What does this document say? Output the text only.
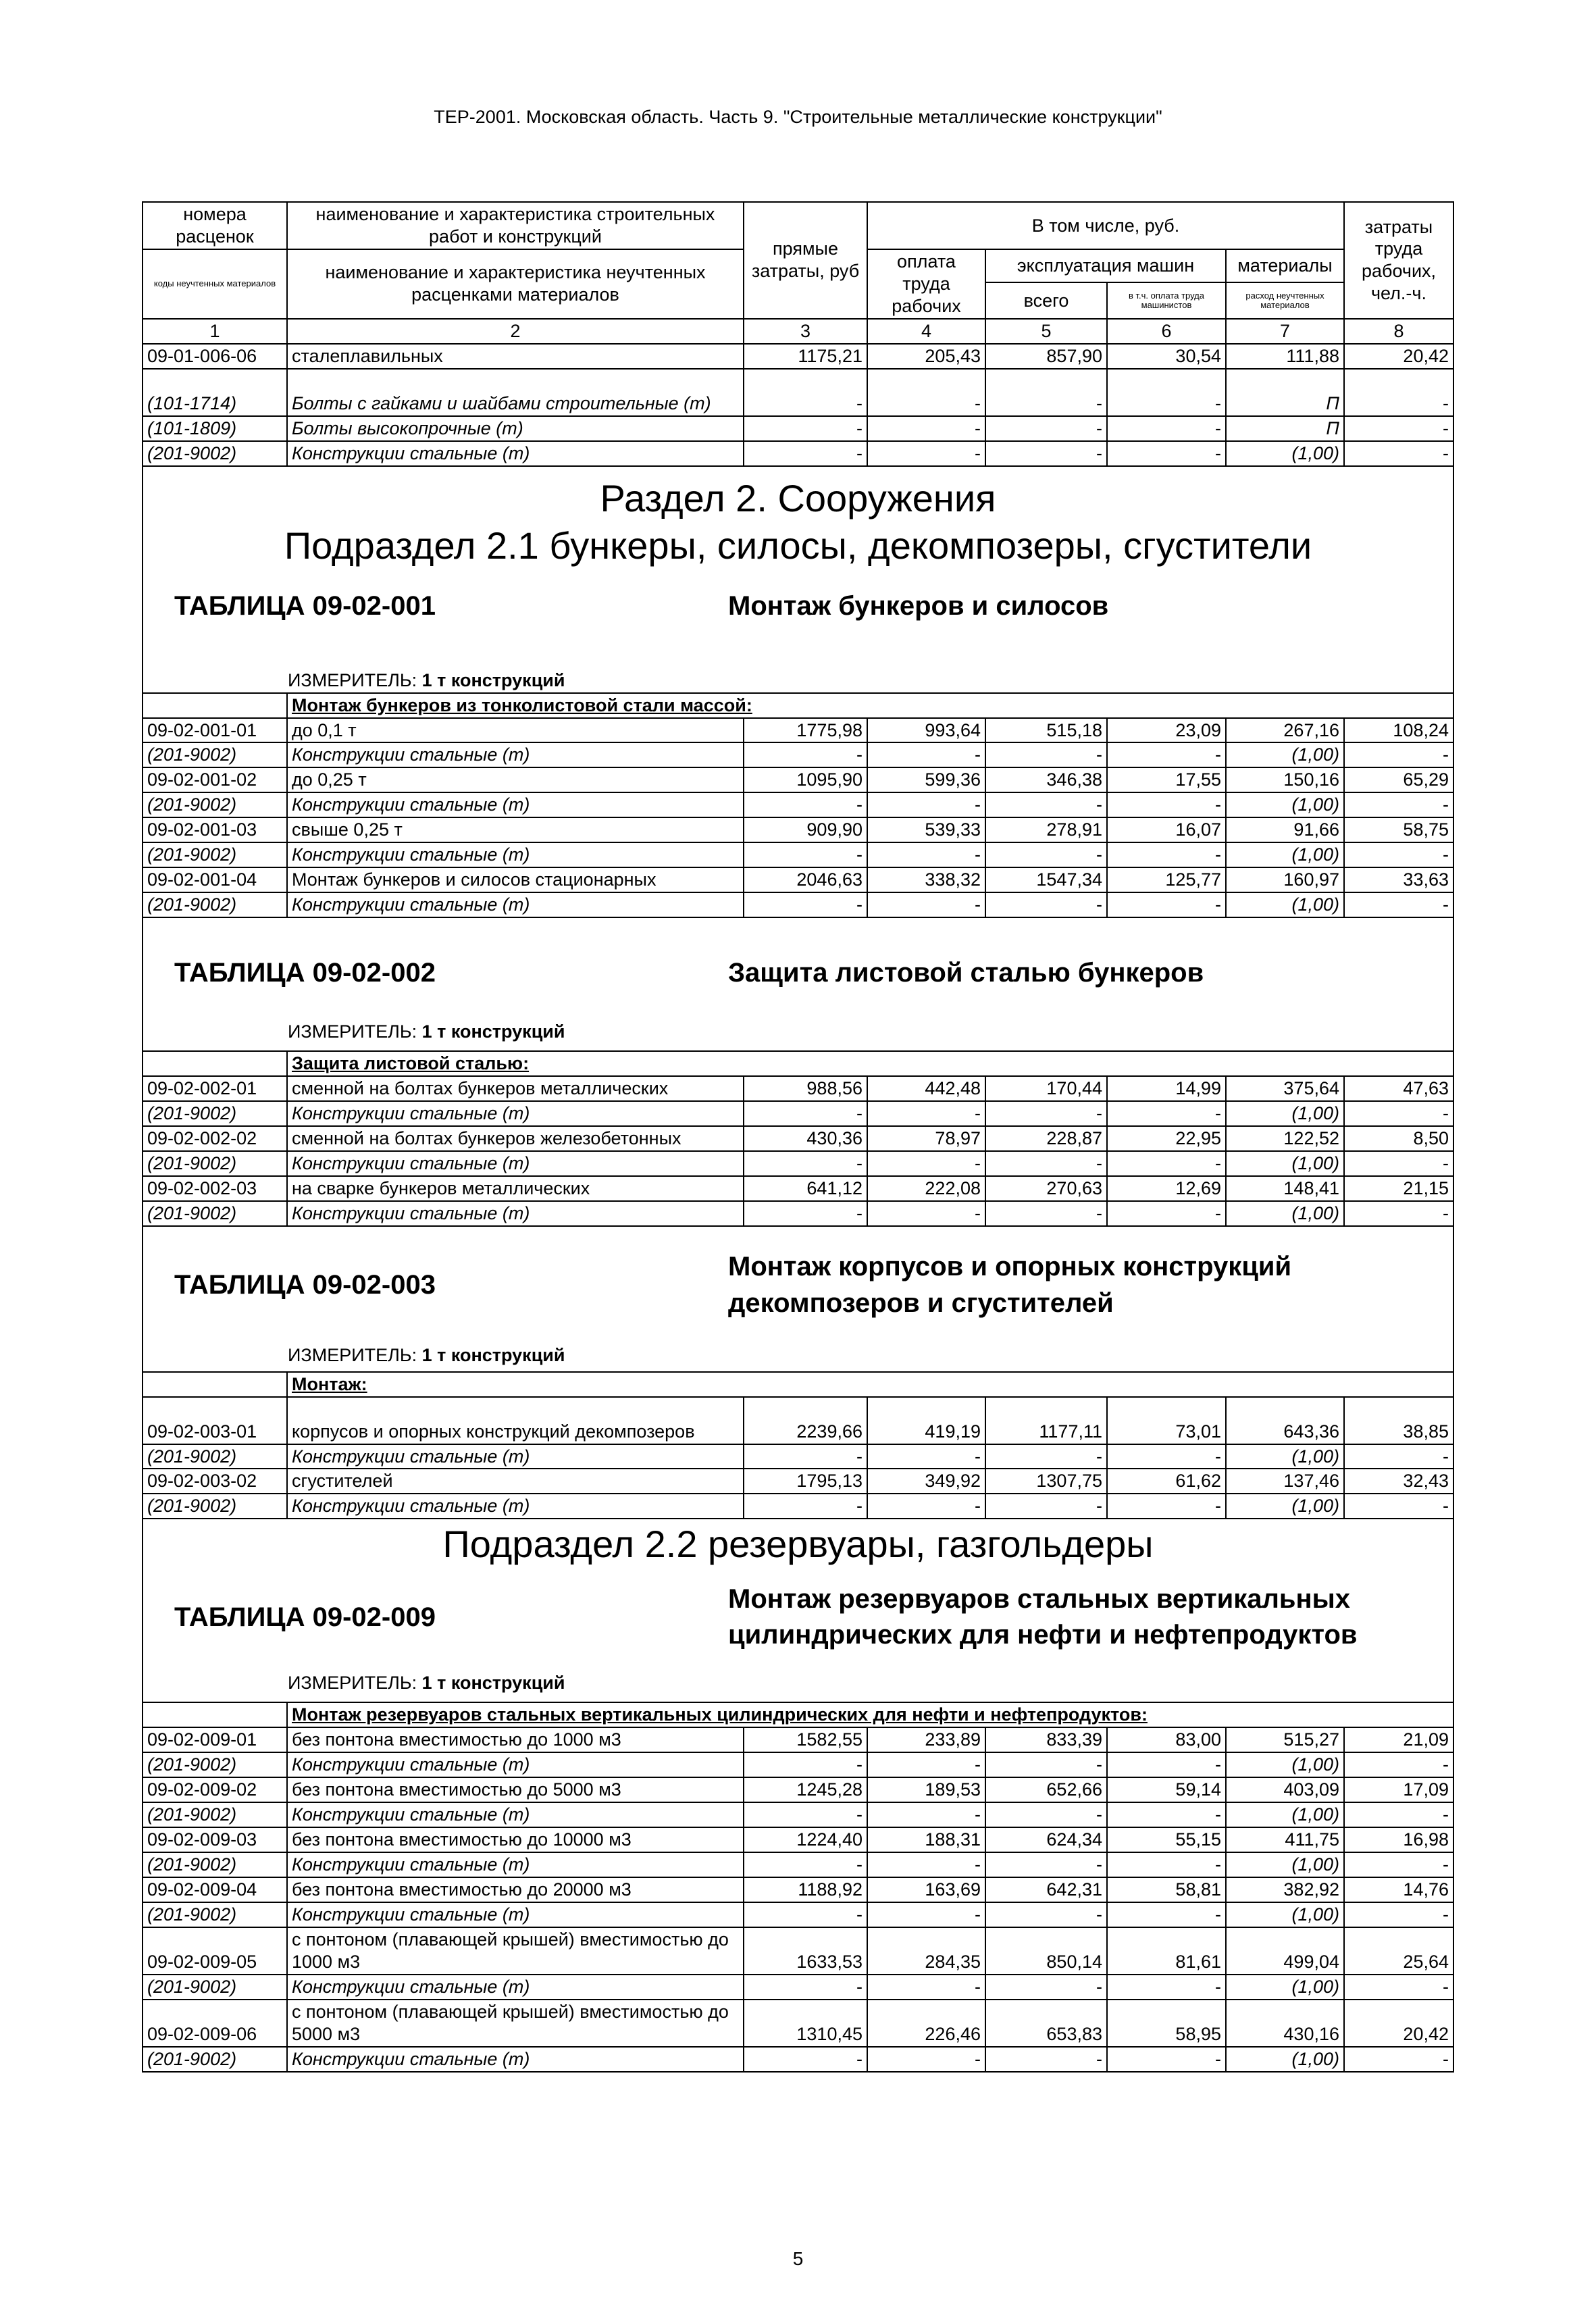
ТЕР-2001. Московская область. Часть 9. "Строительные металлические конструкции"
номера расценок	наименование и характеристика строительных работ и конструкций	прямые затраты, руб	В том числе, руб.				затраты труда рабочих, чел.-ч.
коды неучтенных материалов	наименование и характеристика неучтенных расценками материалов		оплата труда рабочих	эксплуатация машин		материалы	
				всего	в т.ч. оплата труда машинистов	расход неучтенных материалов	
1	2	3	4	5	6	7	8
09-01-006-06	сталеплавильных	1175,21	205,43	857,90	30,54	111,88	20,42
(101-1714)	Болты с гайками и шайбами строительные (т)	-	-	-	-	П	-
(101-1809)	Болты высокопрочные (т)	-	-	-	-	П	-
(201-9002)	Конструкции стальные (т)	-	-	-	-	(1,00)	-

Раздел 2. Сооружения
Подраздел 2.1 бункеры, силосы, декомпозеры, сгустители
ТАБЛИЦА 09-02-001 Монтаж бункеров и силосов
ИЗМЕРИТЕЛЬ: 1 т конструкций							

	Монтаж бункеров из тонколистовой стали массой:						
09-02-001-01	до 0,1 т	1775,98	993,64	515,18	23,09	267,16	108,24
(201-9002)	Конструкции стальные (т)	-	-	-	-	(1,00)	-
09-02-001-02	до 0,25 т	1095,90	599,36	346,38	17,55	150,16	65,29
(201-9002)	Конструкции стальные (т)	-	-	-	-	(1,00)	-
09-02-001-03	свыше 0,25 т	909,90	539,33	278,91	16,07	91,66	58,75
(201-9002)	Конструкции стальные (т)	-	-	-	-	(1,00)	-
09-02-001-04	Монтаж бункеров и силосов стационарных	2046,63	338,32	1547,34	125,77	160,97	33,63
(201-9002)	Конструкции стальные (т)	-	-	-	-	(1,00)	-

ТАБЛИЦА 09-02-002 Защита листовой сталью бункеров
ИЗМЕРИТЕЛЬ: 1 т конструкций							

	Защита листовой сталью:						
09-02-002-01	сменной на болтах бункеров металлических	988,56	442,48	170,44	14,99	375,64	47,63
(201-9002)	Конструкции стальные (т)	-	-	-	-	(1,00)	-
09-02-002-02	сменной на болтах бункеров железобетонных	430,36	78,97	228,87	22,95	122,52	8,50
(201-9002)	Конструкции стальные (т)	-	-	-	-	(1,00)	-
09-02-002-03	на сварке бункеров металлических	641,12	222,08	270,63	12,69	148,41	21,15
(201-9002)	Конструкции стальные (т)	-	-	-	-	(1,00)	-

ТАБЛИЦА 09-02-003
Монтаж корпусов и опорных конструкций декомпозеров и сгустителей
ИЗМЕРИТЕЛЬ: 1 т конструкций							

	Монтаж:						
09-02-003-01	корпусов и опорных конструкций декомпозеров	2239,66	419,19	1177,11	73,01	643,36	38,85
(201-9002)	Конструкции стальные (т)	-	-	-	-	(1,00)	-
09-02-003-02	сгустителей	1795,13	349,92	1307,75	61,62	137,46	32,43
(201-9002)	Конструкции стальные (т)	-	-	-	-	(1,00)	-

Подраздел 2.2 резервуары, газгольдеры
ТАБЛИЦА 09-02-009
Монтаж резервуаров стальных вертикальных цилиндрических для нефти и нефтепродуктов
ИЗМЕРИТЕЛЬ: 1 т конструкций							

	Монтаж резервуаров стальных вертикальных цилиндрических для нефти и нефтепродуктов:						
09-02-009-01	без понтона вместимостью до 1000 м3	1582,55	233,89	833,39	83,00	515,27	21,09
(201-9002)	Конструкции стальные (т)	-	-	-	-	(1,00)	-
09-02-009-02	без понтона вместимостью до 5000 м3	1245,28	189,53	652,66	59,14	403,09	17,09
(201-9002)	Конструкции стальные (т)	-	-	-	-	(1,00)	-
09-02-009-03	без понтона вместимостью до 10000 м3	1224,40	188,31	624,34	55,15	411,75	16,98
(201-9002)	Конструкции стальные (т)	-	-	-	-	(1,00)	-
09-02-009-04	без понтона вместимостью до 20000 м3	1188,92	163,69	642,31	58,81	382,92	14,76
(201-9002)	Конструкции стальные (т)	-	-	-	-	(1,00)	-
09-02-009-05	с понтоном (плавающей крышей) вместимостью до 1000 м3	1633,53	284,35	850,14	81,61	499,04	25,64
(201-9002)	Конструкции стальные (т)	-	-	-	-	(1,00)	-
09-02-009-06	с понтоном (плавающей крышей) вместимостью до 5000 м3	1310,45	226,46	653,83	58,95	430,16	20,42
(201-9002)	Конструкции стальные (т)	-	-	-	-	(1,00)	-
5
